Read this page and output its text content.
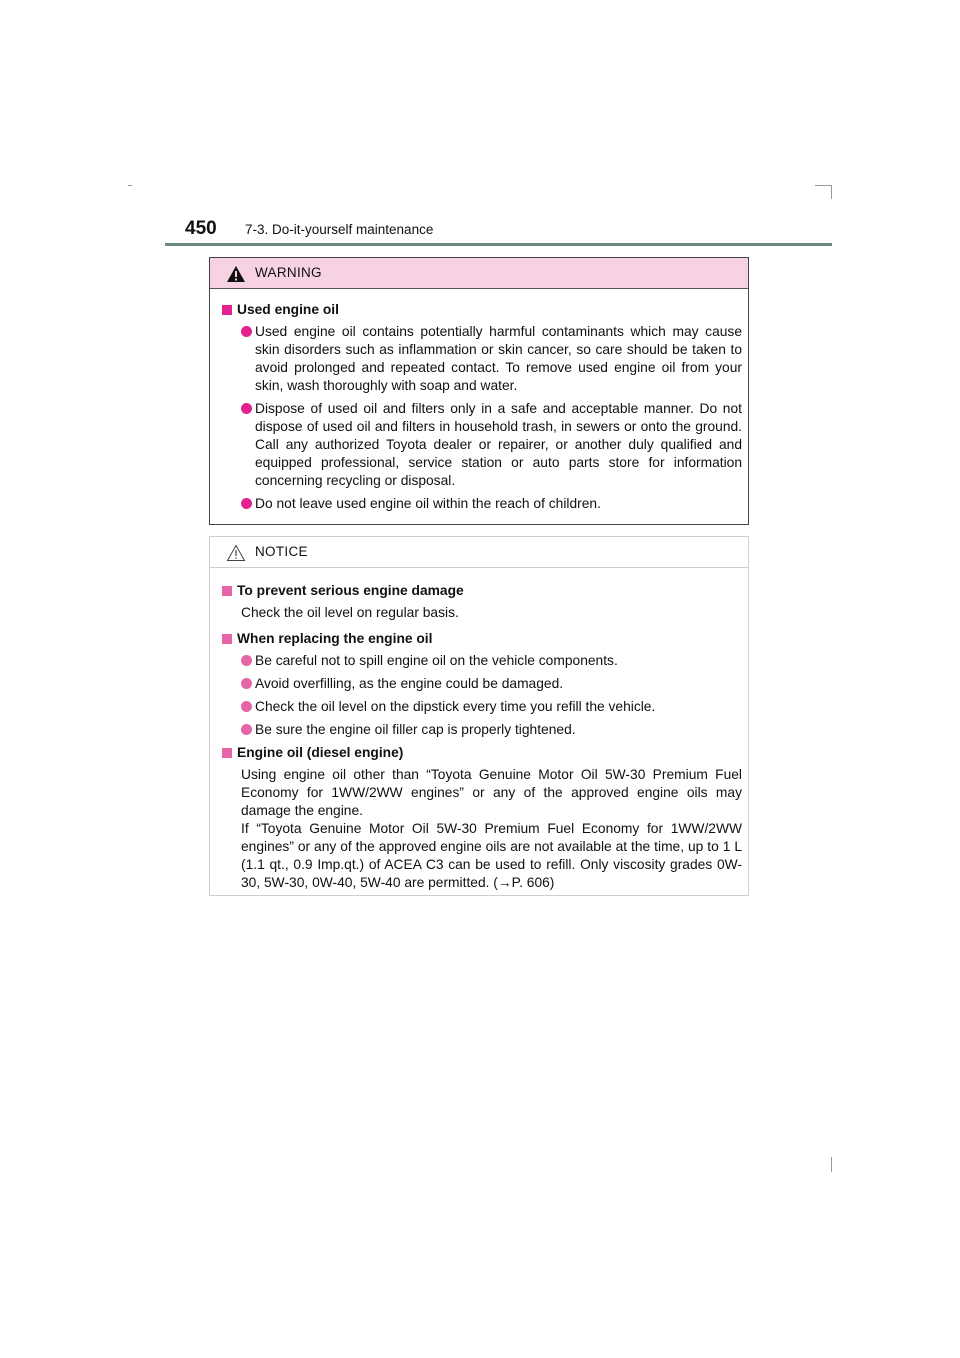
450 7-3. Do-it-yourself maintenance
WARNING
Used engine oil
Used engine oil contains potentially harmful contaminants which may cause skin disorders such as inflammation or skin cancer, so care should be taken to avoid prolonged and repeated contact. To remove used engine oil from your skin, wash thoroughly with soap and water.
Dispose of used oil and filters only in a safe and acceptable manner. Do not dispose of used oil and filters in household trash, in sewers or onto the ground. Call any authorized Toyota dealer or repairer, or another duly qualified and equipped professional, service station or auto parts store for information concerning recycling or disposal.
Do not leave used engine oil within the reach of children.
NOTICE
To prevent serious engine damage
Check the oil level on regular basis.
When replacing the engine oil
Be careful not to spill engine oil on the vehicle components.
Avoid overfilling, as the engine could be damaged.
Check the oil level on the dipstick every time you refill the vehicle.
Be sure the engine oil filler cap is properly tightened.
Engine oil (diesel engine)
Using engine oil other than “Toyota Genuine Motor Oil 5W-30 Premium Fuel Economy for 1WW/2WW engines” or any of the approved engine oils may damage the engine.
If “Toyota Genuine Motor Oil 5W-30 Premium Fuel Economy for 1WW/2WW engines” or any of the approved engine oils are not available at the time, up to 1 L (1.1 qt., 0.9 Imp.qt.) of ACEA C3 can be used to refill. Only viscosity grades 0W-30, 5W-30, 0W-40, 5W-40 are permitted. (→P. 606)
